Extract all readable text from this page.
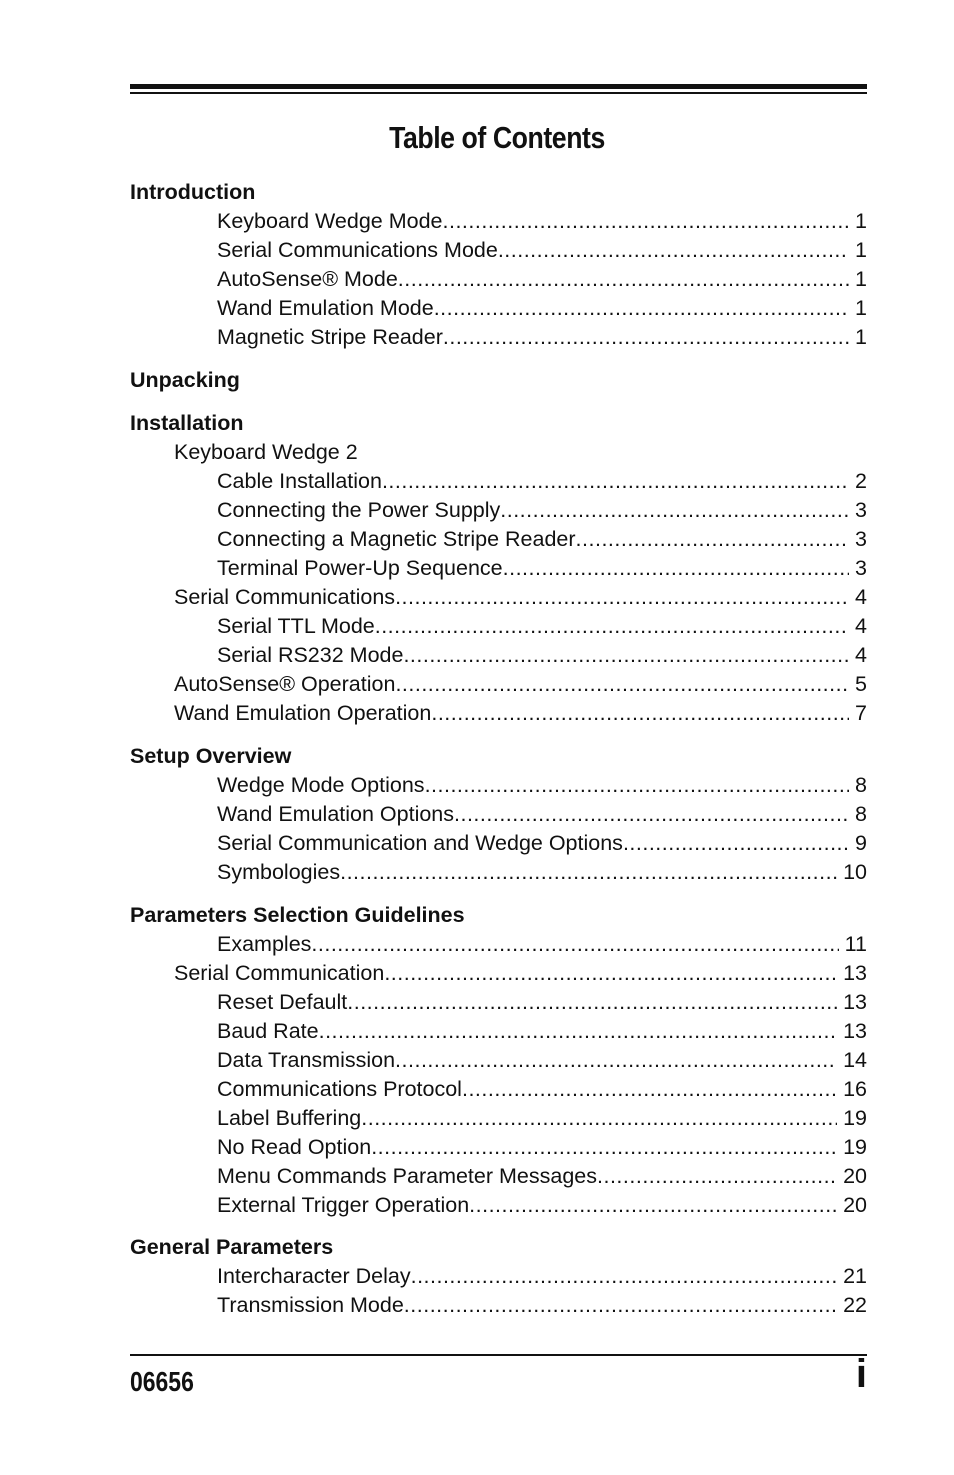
Table of Contents
Introduction
Keyboard Wedge Mode .....	1
Serial Communications Mode .....	1
AutoSense® Mode .....	1
Wand Emulation Mode .....	1
Magnetic Stripe Reader .....	1
Unpacking
Installation
Keyboard Wedge 2
Cable Installation .....	2
Connecting the Power Supply .....	3
Connecting a Magnetic Stripe Reader .....	3
Terminal Power-Up Sequence .....	3
Serial Communications .....	4
Serial TTL Mode .....	4
Serial RS232 Mode .....	4
AutoSense® Operation .....	5
Wand Emulation Operation .....	7
Setup Overview
Wedge Mode Options .....	8
Wand Emulation Options .....	8
Serial Communication and Wedge Options .....	9
Symbologies .....	10
Parameters Selection Guidelines
Examples .....	11
Serial Communication .....	13
Reset Default .....	13
Baud Rate .....	13
Data Transmission .....	14
Communications Protocol .....	16
Label Buffering .....	19
No Read Option .....	19
Menu Commands Parameter Messages .....	20
External Trigger Operation .....	20
General Parameters
Intercharacter Delay .....	21
Transmission Mode .....	22
06656	i
